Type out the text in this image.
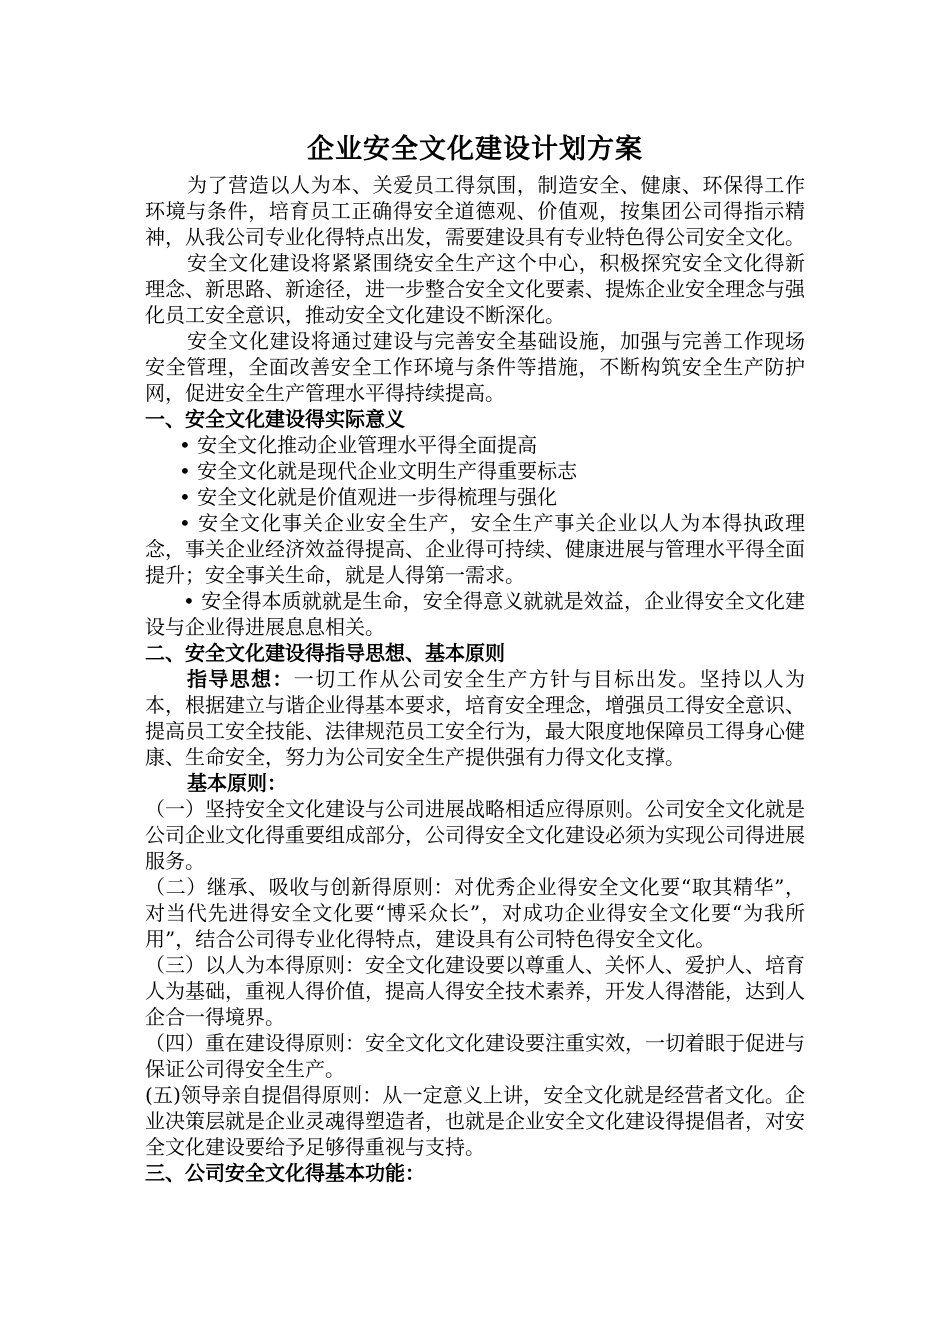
企业安全文化建设计划方案

为了营造以人为本、关爱员工得氛围，制造安全、健康、环保得工作环境与条件，培育员工正确得安全道德观、价值观，按集团公司得指示精神，从我公司专业化得特点出发，需要建设具有专业特色得公司安全文化。

安全文化建设将紧紧围绕安全生产这个中心，积极探究安全文化得新理念、新思路、新途径，进一步整合安全文化要素、提炼企业安全理念与强化员工安全意识，推动安全文化建设不断深化。

安全文化建设将通过建设与完善安全基础设施，加强与完善工作现场安全管理，全面改善安全工作环境与条件等措施，不断构筑安全生产防护网，促进安全生产管理水平得持续提高。

一、安全文化建设得实际意义

• 安全文化推动企业管理水平得全面提高

• 安全文化就是现代企业文明生产得重要标志

• 安全文化就是价值观进一步得梳理与强化

• 安全文化事关企业安全生产，安全生产事关企业以人为本得执政理念，事关企业经济效益得提高、企业得可持续、健康进展与管理水平得全面提升；安全事关生命，就是人得第一需求。

• 安全得本质就就是生命，安全得意义就就是效益，企业得安全文化建设与企业得进展息息相关。

二、安全文化建设得指导思想、基本原则

指导思想：一切工作从公司安全生产方针与目标出发。坚持以人为本，根据建立与谐企业得基本要求，培育安全理念，增强员工得安全意识、提高员工安全技能、法律规范员工安全行为，最大限度地保障员工得身心健康、生命安全，努力为公司安全生产提供强有力得文化支撑。

基本原则：

（一）坚持安全文化建设与公司进展战略相适应得原则。公司安全文化就是公司企业文化得重要组成部分，公司得安全文化建设必须为实现公司得进展服务。

（二）继承、吸收与创新得原则：对优秀企业得安全文化要“取其精华”，对当代先进得安全文化要“博采众长”，对成功企业得安全文化要“为我所用”，结合公司得专业化得特点，建设具有公司特色得安全文化。

（三）以人为本得原则：安全文化建设要以尊重人、关怀人、爱护人、培育人为基础，重视人得价值，提高人得安全技术素养，开发人得潜能，达到人企合一得境界。

（四）重在建设得原则：安全文化文化建设要注重实效，一切着眼于促进与保证公司得安全生产。

(五)领导亲自提倡得原则：从一定意义上讲，安全文化就是经营者文化。企业决策层就是企业灵魂得塑造者，也就是企业安全文化建设得提倡者，对安全文化建设要给予足够得重视与支持。

三、公司安全文化得基本功能：
